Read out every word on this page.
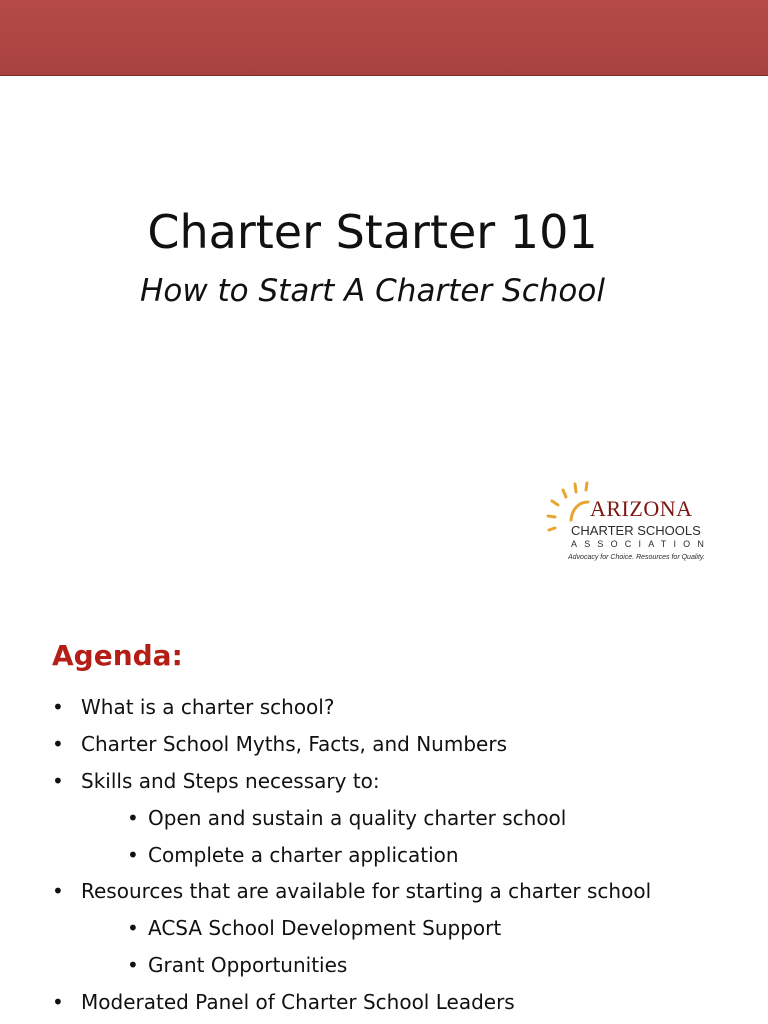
Charter Starter 101

How to Start A Charter School

ARIZONA
CHARTER SCHOOLS
ASSOCIATION
Advocacy for Choice. Resources for Quality.
Agenda:
• What is a charter school?
• Charter School Myths, Facts, and Numbers
• Skills and Steps necessary to:
• Open and sustain a quality charter school
• Complete a charter application
• Resources that are available for starting a charter school
• ACSA School Development Support
• Grant Opportunities
• Moderated Panel of Charter School Leaders
